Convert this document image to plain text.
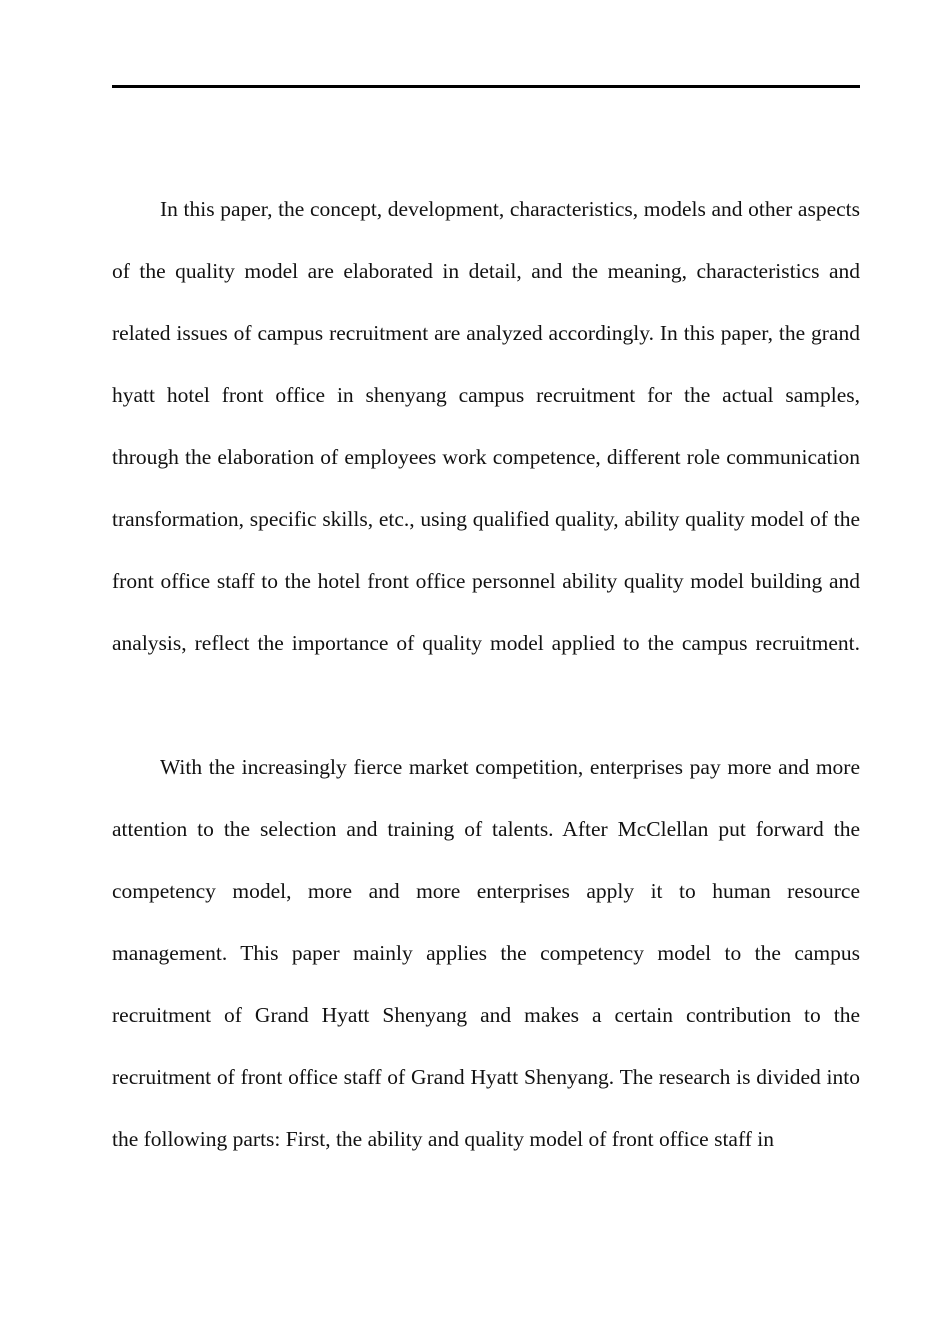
In this paper, the concept, development, characteristics, models and other aspects of the quality model are elaborated in detail, and the meaning, characteristics and related issues of campus recruitment are analyzed accordingly. In this paper, the grand hyatt hotel front office in shenyang campus recruitment for the actual samples, through the elaboration of employees work competence, different role communication transformation, specific skills, etc., using qualified quality, ability quality model of the front office staff to the hotel front office personnel ability quality model building and analysis, reflect the importance of quality model applied to the campus recruitment.

With the increasingly fierce market competition, enterprises pay more and more attention to the selection and training of talents. After McClellan put forward the competency model, more and more enterprises apply it to human resource management. This paper mainly applies the competency model to the campus recruitment of Grand Hyatt Shenyang and makes a certain contribution to the recruitment of front office staff of Grand Hyatt Shenyang. The research is divided into the following parts: First, the ability and quality model of front office staff in
